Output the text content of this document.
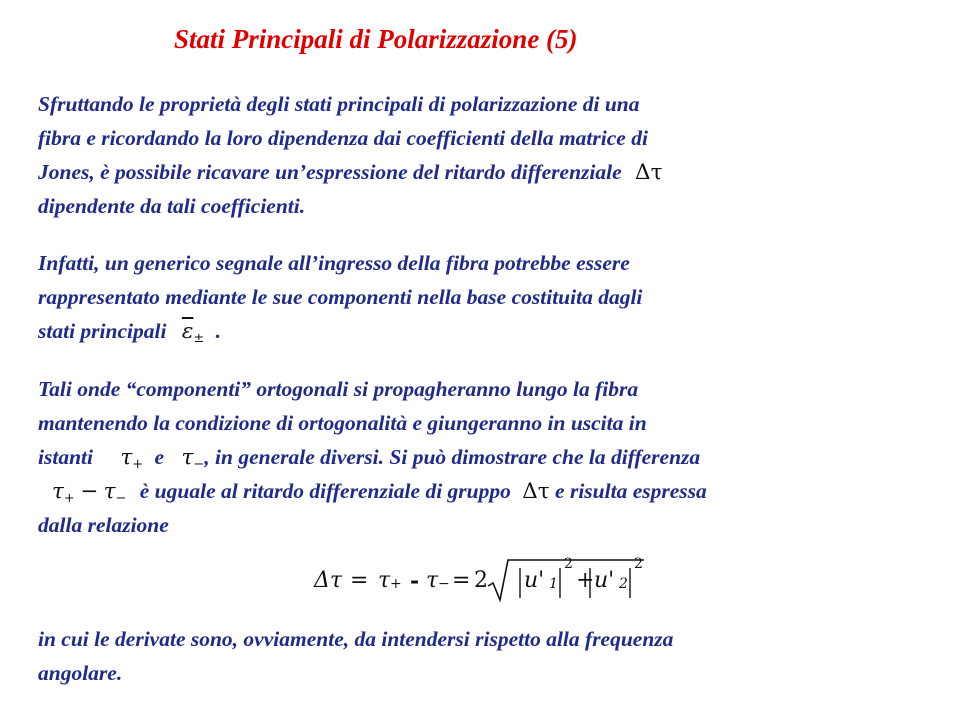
Stati Principali di Polarizzazione (5)
Sfruttando le proprietà degli stati principali di polarizzazione di una
fibra e ricordando la loro dipendenza dai coefficienti della matrice di
Jones, è possibile ricavare un’espressione del ritardo differenziale Δτ
dipendente da tali coefficienti.
Infatti, un generico segnale all’ingresso della fibra potrebbe essere
rappresentato mediante le sue componenti nella base costituita dagli
stati principali $\overline{\varepsilon}_\pm$ .
Tali onde “componenti” ortogonali si propagheranno lungo la fibra
mantenendo la condizione di ortogonalità e giungeranno in uscita in
istanti $\tau_+$ e $\tau_-$, in generale diversi. Si può dimostrare che la differenza
$\tau_+ - \tau_-$ è uguale al ritardo differenziale di gruppo Δτ e risulta espressa
dalla relazione
Δτ = τ + - τ − = 2 u' 1
2
+ u' 2
2
in cui le derivate sono, ovviamente, da intendersi rispetto alla frequenza
angolare.
